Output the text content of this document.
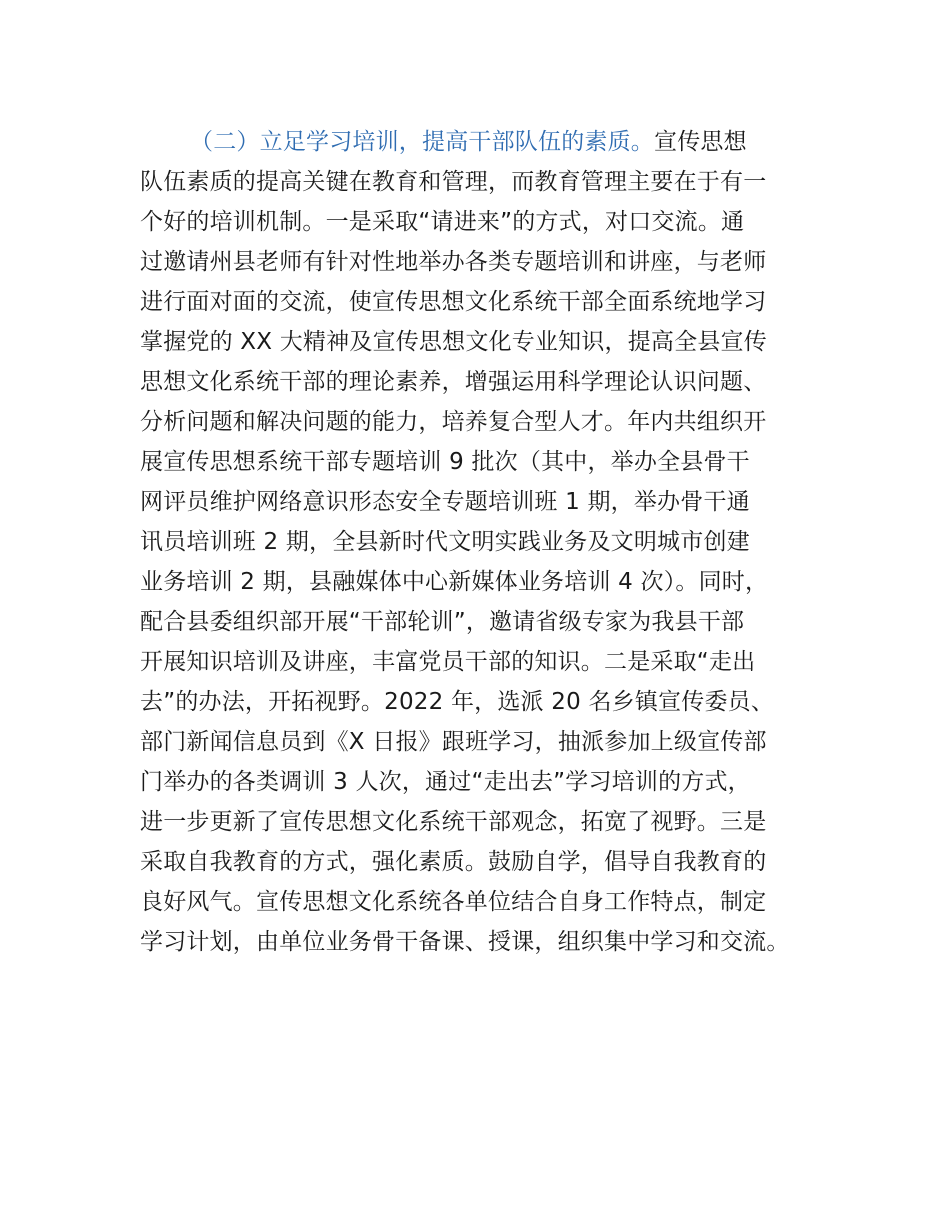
（二）立足学习培训，提高干部队伍的素质。宣传思想
队伍素质的提高关键在教育和管理，而教育管理主要在于有一
个好的培训机制。一是采取“请进来”的方式，对口交流。通
过邀请州县老师有针对性地举办各类专题培训和讲座，与老师
进行面对面的交流，使宣传思想文化系统干部全面系统地学习
掌握党的 XX 大精神及宣传思想文化专业知识，提高全县宣传
思想文化系统干部的理论素养，增强运用科学理论认识问题、
分析问题和解决问题的能力，培养复合型人才。年内共组织开
展宣传思想系统干部专题培训 9 批次（其中，举办全县骨干
网评员维护网络意识形态安全专题培训班 1 期，举办骨干通
讯员培训班 2 期，全县新时代文明实践业务及文明城市创建
业务培训 2 期，县融媒体中心新媒体业务培训 4 次）。同时，
配合县委组织部开展“干部轮训”，邀请省级专家为我县干部
开展知识培训及讲座，丰富党员干部的知识。二是采取“走出
去”的办法，开拓视野。2022 年，选派 20 名乡镇宣传委员、
部门新闻信息员到《X 日报》跟班学习，抽派参加上级宣传部
门举办的各类调训 3 人次，通过“走出去”学习培训的方式，
进一步更新了宣传思想文化系统干部观念，拓宽了视野。三是
采取自我教育的方式，强化素质。鼓励自学，倡导自我教育的
良好风气。宣传思想文化系统各单位结合自身工作特点，制定
学习计划，由单位业务骨干备课、授课，组织集中学习和交流。
